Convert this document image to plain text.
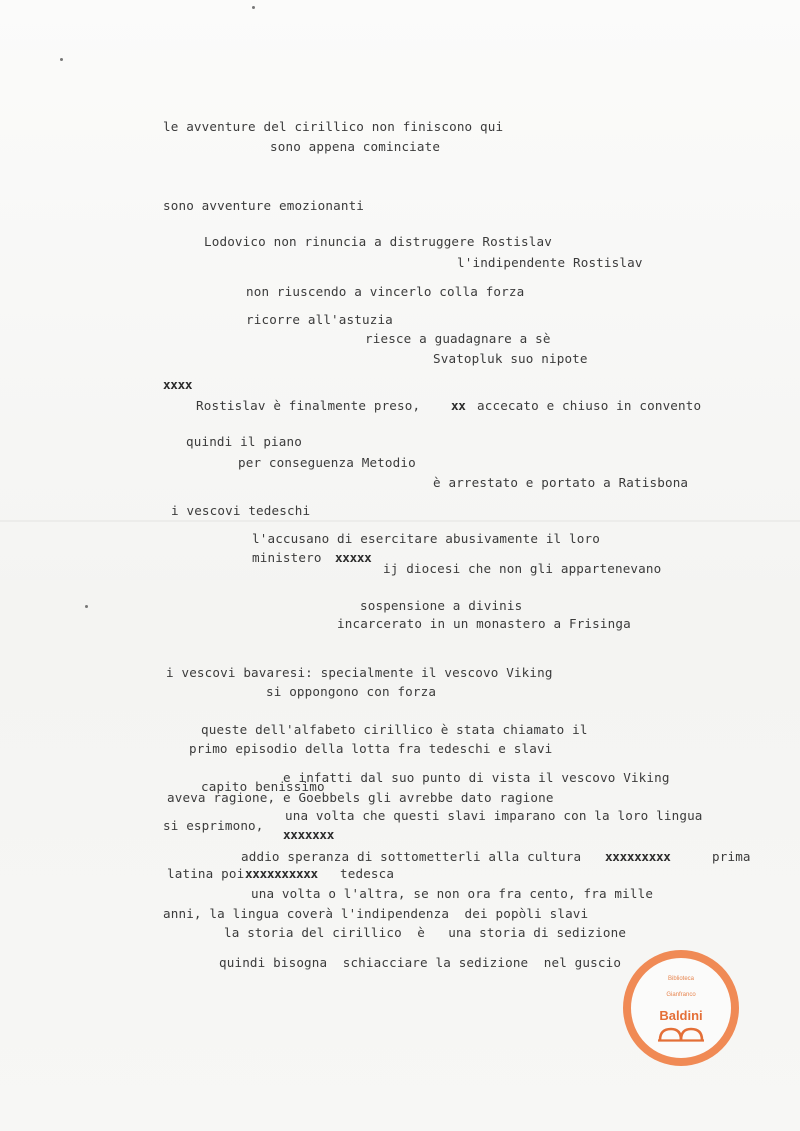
le avventure del cirillico non finiscono qui
sono appena cominciate
sono avventure emozionanti
Lodovico non rinuncia a distruggere Rostislav
l'indipendente Rostislav
non riuscendo a vincerlo colla forza
ricorre all'astuzia
riesce a guadagnare a sè
Svatopluk suo nipote
xxxx
Rostislav è finalmente preso, xx accecato e chiuso in convento
quindi il piano
per conseguenza Metodio
è arrestato e portato a Ratisbona
i vescovi tedeschi
l'accusano di esercitare abusivamente il loro
ministero xxxxx
ij diocesi che non gli appartenevano
sospensione a divinis
incarcerato in un monastero a Frisinga
i vescovi bavaresi: specialmente il vescovo Viking
si oppongono con forza
queste dell'alfabeto cirillico è stata chiamato il
primo episodio della lotta fra tedeschi e slavi
capito benissimo
e infatti dal suo punto di vista il vescovo Viking
aveva ragione, e Goebbels gli avrebbe dato ragione
una volta che questi slavi imparano con la loro lingua
si esprimono,
xxxxxxx
addio speranza di sottometterli alla cultura xxxxxxxxx	prima
latina poi xxxxxxxxxx tedesca
una volta o l'altra, se non ora fra cento, fra mille
anni, la lingua coverà l'indipendenza  dei popòli slavi
la storia del cirillico  è   una storia di sedizione
quindi bisogna  schiacciare la sedizione  nel guscio
Biblioteca
Gianfranco
Baldini
